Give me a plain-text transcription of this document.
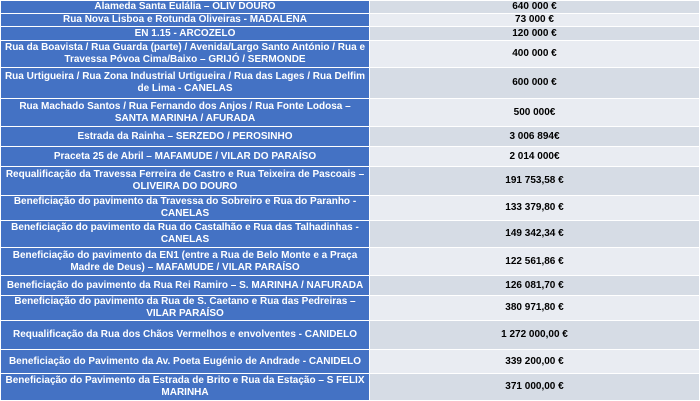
Alameda Santa Eulália – OLIV DOURO	640 000 €
Rua Nova Lisboa e Rotunda Oliveiras - MADALENA	73 000 €
EN 1.15 - ARCOZELO	120 000 €
Rua da Boavista / Rua Guarda (parte) / Avenida/Largo Santo António / Rua e Travessa Póvoa Cima/Baixo – GRIJÓ / SERMONDE	400 000 €
Rua Urtigueira / Rua Zona Industrial Urtigueira / Rua das Lages / Rua Delfim de Lima - CANELAS	600 000 €
Rua Machado Santos / Rua Fernando dos Anjos / Rua Fonte Lodosa – SANTA MARINHA / AFURADA	500 000€
Estrada da Rainha – SERZEDO / PEROSINHO	3 006 894€
Praceta 25 de Abril – MAFAMUDE / VILAR DO PARAÍSO	2 014 000€
Requalificação da Travessa Ferreira de Castro e Rua Teixeira de Pascoais – OLIVEIRA DO DOURO	191 753,58 €
Beneficiação do pavimento da Travessa do Sobreiro e Rua do Paranho - CANELAS	133 379,80 €
Beneficiação do pavimento da Rua do Castalhão e Rua das Talhadinhas - CANELAS	149 342,34 €
Beneficiação do pavimento da EN1 (entre a Rua de Belo Monte e a Praça Madre de Deus) – MAFAMUDE / VILAR PARAÍSO	122 561,86 €
Beneficiação do pavimento da Rua Rei Ramiro – S. MARINHA / NAFURADA	126 081,70 €
Beneficiação do pavimento da Rua de S. Caetano e Rua das Pedreiras – VILAR PARAÍSO	380 971,80 €
Requalificação da Rua dos Chãos Vermelhos e envolventes - CANIDELO	1 272 000,00 €
Beneficiação do Pavimento da Av. Poeta Eugénio de Andrade - CANIDELO	339 200,00 €
Beneficiação do Pavimento da Estrada de Brito e Rua da Estação – S FELIX MARINHA	371 000,00 €
